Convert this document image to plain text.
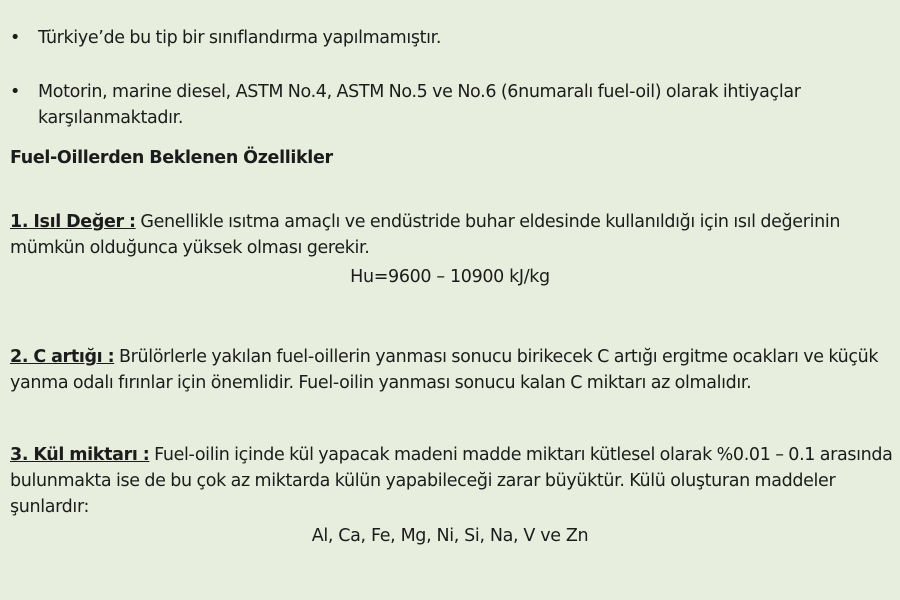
• Türkiye’de bu tip bir sınıflandırma yapılmamıştır.
• Motorin, marine diesel, ASTM No.4, ASTM No.5 ve No.6 (6numaralı fuel-oil) olarak ihtiyaçlar karşılanmaktadır.
Fuel-Oillerden Beklenen Özellikler
1. Isıl Değer : Genellikle ısıtma amaçlı ve endüstride buhar eldesinde kullanıldığı için ısıl değerinin mümkün olduğunca yüksek olması gerekir.
Hu=9600 – 10900 kJ/kg
2. C artığı : Brülörlerle yakılan fuel-oillerin yanması sonucu birikecek C artığı ergitme ocakları ve küçük yanma odalı fırınlar için önemlidir. Fuel-oilin yanması sonucu kalan C miktarı az olmalıdır.
3. Kül miktarı : Fuel-oilin içinde kül yapacak madeni madde miktarı kütlesel olarak %0.01 – 0.1 arasında bulunmakta ise de bu çok az miktarda külün yapabileceği zarar büyüktür. Külü oluşturan maddeler şunlardır:
Al, Ca, Fe, Mg, Ni, Si, Na, V ve Zn
